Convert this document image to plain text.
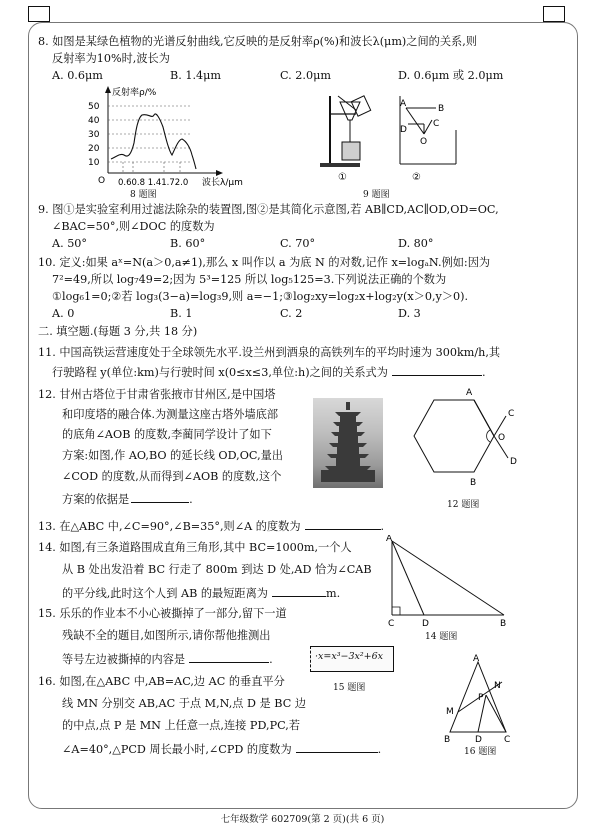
8. 如图是某绿色植物的光谱反射曲线,它反映的是反射率ρ(%)和波长λ(μm)之间的关系,则
反射率为10%时,波长为
A. 0.6μm	B. 1.4μm	C. 2.0μm	D. 0.6μm 或 2.0μm
反射率ρ/%
50
40
30
20
10
O 0.60.8 1.41.72.0 波长λ/μm
8 题图
A	B
C
D
O
①	②
9 题图
9. 图①是实验室利用过滤法除杂的装置图,图②是其简化示意图,若 AB∥CD,AC∥OD,OD=OC,
∠BAC=50°,则∠DOC 的度数为
A. 50°	B. 60°	C. 70°	D. 80°
10. 定义:如果 aˣ=N(a＞0,a≠1),那么 x 叫作以 a 为底 N 的对数,记作 x=logₐN.例如:因为
7²=49,所以 log₇49=2;因为 5³=125 所以 log₅125=3.下列说法正确的个数为
①log₆1=0;②若 log₃(3−a)=log₃9,则 a=−1;③log₂xy=log₂x+log₂y(x＞0,y＞0).
A. 0	B. 1	C. 2	D. 3
二. 填空题.(每题 3 分,共 18 分)
11. 中国高铁运营速度处于全球领先水平.设兰州到酒泉的高铁列车的平均时速为 300km/h,其
行驶路程 y(单位:km)与行驶时间 x(0≤x≤3,单位:h)之间的关系式为	.
12. 甘州古塔位于甘肃省张掖市甘州区,是中国塔
和印度塔的融合体.为测量这座古塔外墙底部
的底角∠AOB 的度数,李蔺同学设计了如下
方案:如图,作 AO,BO 的延长线 OD,OC,量出
∠COD 的度数,从而得到∠AOB 的度数,这个
方案的依据是	.
A
B
C
O
D
12 题图
13. 在△ABC 中,∠C=90°,∠B=35°,则∠A 的度数为	.
14. 如图,有三条道路围成直角三角形,其中 BC=1000m,一个人
从 B 处出发沿着 BC 行走了 800m 到达 D 处,AD 恰为∠CAB
的平分线,此时这个人到 AB 的最短距离为	m.
A
C	D	B
14 题图
15. 乐乐的作业本不小心被撕掉了一部分,留下一道
残缺不全的题目,如图所示,请你帮他推测出
等号左边被撕掉的内容是	.	·x=x³−3x²+6x
15 题图
16. 如图,在△ABC 中,AB=AC,边 AC 的垂直平分
线 MN 分别交 AB,AC 于点 M,N,点 D 是 BC 边
的中点,点 P 是 MN 上任意一点,连接 PD,PC,若
∠A=40°,△PCD 周长最小时,∠CPD 的度数为	.
A
N
P
M
B	D C
16 题图
七年级数学 602709(第 2 页)(共 6 页)
